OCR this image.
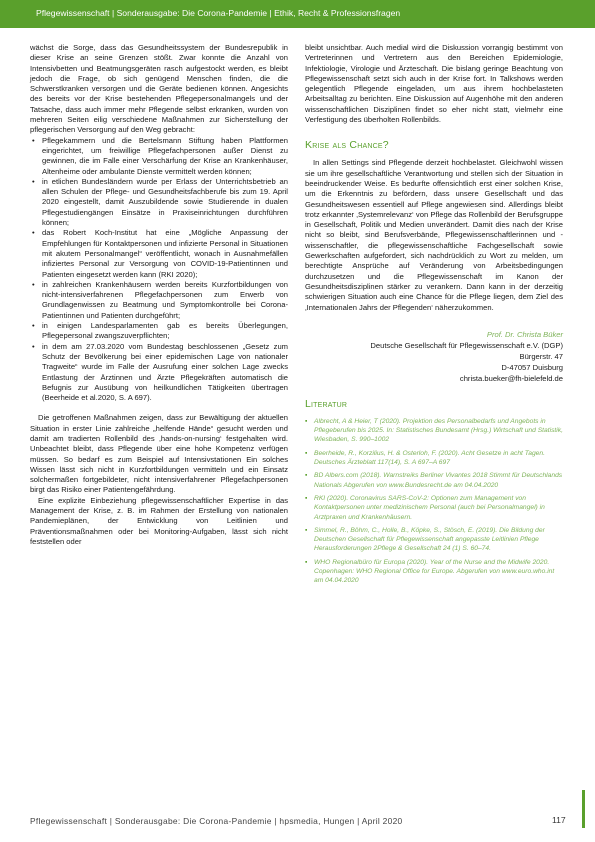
Pflegewissenschaft | Sonderausgabe: Die Corona-Pandemie | Ethik, Recht & Professionsfragen

wächst die Sorge, dass das Gesundheitssystem der Bundesrepublik in dieser Krise an seine Grenzen stößt. Zwar konnte die Anzahl von Intensivbetten und Beatmungsgeräten rasch aufgestockt werden, es bleibt jedoch die Frage, ob sich genügend Menschen finden, die die Schwerstkranken versorgen und die Geräte bedienen können. Angesichts des bereits vor der Krise bestehenden Pflegepersonalmangels und der Tatsache, dass auch immer mehr Pflegende selbst erkranken, wurden von mehreren Seiten eilig verschiedene Maßnahmen zur Sicherstellung der pflegerischen Versorgung auf den Weg gebracht:

• Pflegekammern und die Bertelsmann Stiftung haben Plattformen eingerichtet, um freiwillige Pflegefachpersonen außer Dienst zu gewinnen, die im Falle einer Verschärfung der Krise an Krankenhäuser, Altenheime oder ambulante Dienste vermittelt werden können;
• in etlichen Bundesländern wurde per Erlass der Unterrichtsbetrieb an allen Schulen der Pflege- und Gesundheitsfachberufe bis zum 19. April 2020 eingestellt, damit Auszubildende sowie Studierende in dualen Pflegestudiengängen Einsätze in Praxiseinrichtungen durchführen können;
• das Robert Koch-Institut hat eine „Mögliche Anpassung der Empfehlungen für Kontaktpersonen und infizierte Personal in Situationen mit akutem Personalmangel“ veröffentlicht, wonach in Ausnahmefällen infiziertes Personal zur Versorgung von COVID-19-Patientinnen und Patienten eingesetzt werden kann (RKI 2020);
• in zahlreichen Krankenhäusern werden bereits Kurzfortbildungen von nicht-intensiverfahrenen Pflegefachpersonen zum Erwerb von Grundlagenwissen zu Beatmung und Symptomkontrolle bei Corona-Patientinnen und Patienten durchgeführt;
• in einigen Landesparlamenten gab es bereits Überlegungen, Pflegepersonal zwangszuverpflichten;
• in dem am 27.03.2020 vom Bundestag beschlossenen „Gesetz zum Schutz der Bevölkerung bei einer epidemischen Lage von nationaler Tragweite“ wurde im Falle der Ausrufung einer solchen Lage zwecks Entlastung der Ärztinnen und Ärzte Pflegekräften automatisch die Befugnis zur Ausübung von heilkundlichen Tätigkeiten übertragen (Beerheide et al.2020, S. A 697).

Die getroffenen Maßnahmen zeigen, dass zur Bewältigung der aktuellen Situation in erster Linie zahlreiche „helfende Hände“ gesucht werden und damit am tradierten Rollenbild des ‚hands-on-nursing‘ festgehalten wird. Unbeachtet bleibt, dass Pflegende über eine hohe Kompetenz verfügen müssen. So bedarf es zum Beispiel auf Intensivstationen Ein solches Wissen lässt sich nicht in Kurzfortbildungen vermitteln und ein Einsatz solchermaßen fortgebildeter, nicht intensiverfahrener Pflegefachpersonen birgt das Risiko einer Patientengefährdung.

Eine explizite Einbeziehung pflegewissenschaftlicher Expertise in das Management der Krise, z. B. im Rahmen der Erstellung von nationalen Pandemieplänen, der Entwicklung von Leitlinien und Präventionsmaßnahmen oder bei Monitoring-Aufgaben, lässt sich nicht feststellen oder

bleibt unsichtbar. Auch medial wird die Diskussion vorrangig bestimmt von Vertreterinnen und Vertretern aus den Bereichen Epidemiologie, Infektiologie, Virologie und Ärzteschaft. Die bislang geringe Beachtung von Pflegewissenschaft setzt sich auch in der Krise fort. In Talkshows werden gelegentlich Pflegende eingeladen, um aus ihrem hochbelasteten Arbeitsalltag zu berichten. Eine Diskussion auf Augenhöhe mit den anderen wissenschaftlichen Disziplinen findet so eher nicht statt, vielmehr eine Verfestigung des überholten Rollenbilds.

Krise als Chance?

In allen Settings sind Pflegende derzeit hochbelastet. Gleichwohl wissen sie um ihre gesellschaftliche Verantwortung und stellen sich der Situation in beeindruckender Weise. Es bedurfte offensichtlich erst einer solchen Krise, um die Erkenntnis zu befördern, dass unsere Gesellschaft und das Gesundheitswesen essentiell auf Pflege angewiesen sind. Allerdings bleibt trotz erkannter ‚Systemrelevanz‘ von Pflege das Rollenbild der Berufsgruppe in Gesellschaft, Politik und Medien unverändert. Damit dies nach der Krise nicht so bleibt, sind Berufsverbände, Pflegewissenschaftlerinnen und -wissenschaftler, die pflegewissenschaftliche Fachgesellschaft sowie Gewerkschaften aufgefordert, sich nachdrücklich zu Wort zu melden, um berechtigte Ansprüche auf Veränderung von Arbeitsbedingungen durchzusetzen und die Pflegewissenschaft im Kanon der Gesundheitsdisziplinen stärker zu verankern. Dann kann in der derzeitig schwierigen Situation auch eine Chance für die Pflege liegen, dem Ziel des ‚Internationalen Jahrs der Pflegenden‘ näherzukommen.

Prof. Dr. Christa Büker
Deutsche Gesellschaft für Pflegewissenschaft e.V. (DGP)
Bürgerstr. 47
D-47057 Duisburg
christa.bueker@fh-bielefeld.de
Literatur
▪ Albrecht, A & Heier, T (2020). Projektion des Personalbedarfs und Angebots in Pflegeberufen bis 2025. In: Statistisches Bundesamt (Hrsg.) Wirtschaft und Statistik, Wiesbaden, S. 990–1002
▪ Beerheide, R., Korzilius, H. & Osterloh, F. (2020). Acht Gesetze in acht Tagen. Deutsches Ärzteblatt 117(14), S. A 697–A 697
▪ BD Albers.com (2018). Warnstreiks Berliner Vivantes 2018 Stimmt für Deutschlands Nationals Abgerufen von www.Bundesrecht.de am 04.04.2020
▪ RKI (2020). Coronavirus SARS-CoV-2: Optionen zum Management von Kontaktpersonen unter medizinischem Personal (auch bei Personalmangel) in Arztpraxen und Krankenhäusern.
▪ Simmel, R., Böhm, C., Holle, B., Köpke, S., Stösch, E. (2019). Die Bildung der Deutschen Gesellschaft für Pflegewissenschaft angepasste Leitlinien Pflege Herausforderungen 2Pflege & Gesellschaft 24 (1) S. 60–74.
▪ WHO Regionalbüro für Europa (2020). Year of the Nurse and the Midwife 2020. Copenhagen: WHO Regional Office for Europe. Abgerufen von www.euro.who.int am 04.04.2020
Pflegewissenschaft | Sonderausgabe: Die Corona-Pandemie | hpsmedia, Hungen | April 2020	117
